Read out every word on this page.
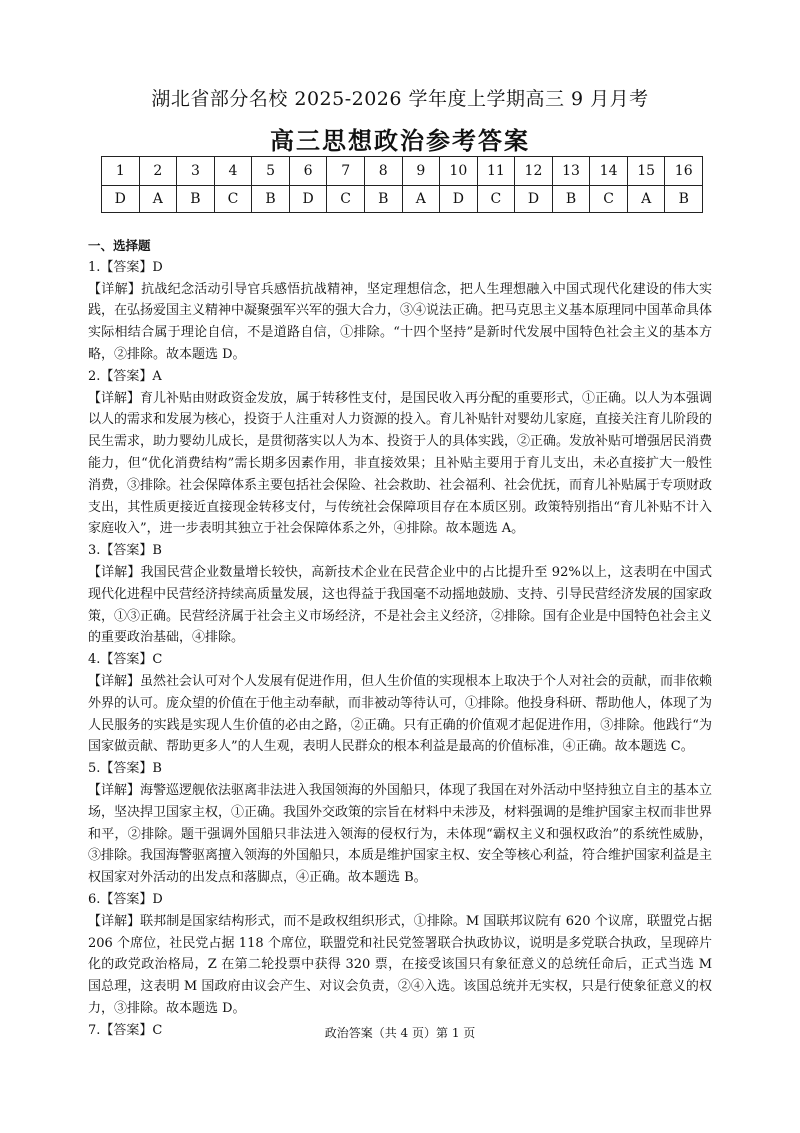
湖北省部分名校 2025-2026 学年度上学期高三 9 月月考
高三思想政治参考答案
1	2	3	4	5	6	7	8	9	10	11	12	13	14	15	16
D	A	B	C	B	D	C	B	A	D	C	D	B	C	A	B
一、选择题

1.【答案】D

【详解】抗战纪念活动引导官兵感悟抗战精神，坚定理想信念，把人生理想融入中国式现代化建设的伟大实践，在弘扬爱国主义精神中凝聚强军兴军的强大合力，③④说法正确。把马克思主义基本原理同中国革命具体实际相结合属于理论自信，不是道路自信，①排除。“十四个坚持”是新时代发展中国特色社会主义的基本方略，②排除。故本题选 D。

2.【答案】A

【详解】育儿补贴由财政资金发放，属于转移性支付，是国民收入再分配的重要形式，①正确。以人为本强调以人的需求和发展为核心，投资于人注重对人力资源的投入。育儿补贴针对婴幼儿家庭，直接关注育儿阶段的民生需求，助力婴幼儿成长，是贯彻落实以人为本、投资于人的具体实践，②正确。发放补贴可增强居民消费能力，但“优化消费结构”需长期多因素作用，非直接效果；且补贴主要用于育儿支出，未必直接扩大一般性消费，③排除。社会保障体系主要包括社会保险、社会救助、社会福利、社会优抚，而育儿补贴属于专项财政支出，其性质更接近直接现金转移支付，与传统社会保障项目存在本质区别。政策特别指出“育儿补贴不计入家庭收入”，进一步表明其独立于社会保障体系之外，④排除。故本题选 A。

3.【答案】B

【详解】我国民营企业数量增长较快，高新技术企业在民营企业中的占比提升至 92%以上，这表明在中国式现代化进程中民营经济持续高质量发展，这也得益于我国毫不动摇地鼓励、支持、引导民营经济发展的国家政策，①③正确。民营经济属于社会主义市场经济，不是社会主义经济，②排除。国有企业是中国特色社会主义的重要政治基础，④排除。

4.【答案】C

【详解】虽然社会认可对个人发展有促进作用，但人生价值的实现根本上取决于个人对社会的贡献，而非依赖外界的认可。庞众望的价值在于他主动奉献，而非被动等待认可，①排除。他投身科研、帮助他人，体现了为人民服务的实践是实现人生价值的必由之路，②正确。只有正确的价值观才起促进作用，③排除。他践行“为国家做贡献、帮助更多人”的人生观，表明人民群众的根本利益是最高的价值标准，④正确。故本题选 C。

5.【答案】B

【详解】海警巡逻舰依法驱离非法进入我国领海的外国船只，体现了我国在对外活动中坚持独立自主的基本立场，坚决捍卫国家主权，①正确。我国外交政策的宗旨在材料中未涉及，材料强调的是维护国家主权而非世界和平，②排除。题干强调外国船只非法进入领海的侵权行为，未体现“霸权主义和强权政治”的系统性威胁，③排除。我国海警驱离擅入领海的外国船只，本质是维护国家主权、安全等核心利益，符合维护国家利益是主权国家对外活动的出发点和落脚点，④正确。故本题选 B。

6.【答案】D

【详解】联邦制是国家结构形式，而不是政权组织形式，①排除。M 国联邦议院有 620 个议席，联盟党占据 206 个席位，社民党占据 118 个席位，联盟党和社民党签署联合执政协议，说明是多党联合执政，呈现碎片化的政党政治格局，Z 在第二轮投票中获得 320 票，在接受该国只有象征意义的总统任命后，正式当选 M 国总理，这表明 M 国政府由议会产生、对议会负责，②④入选。该国总统并无实权，只是行使象征意义的权力，③排除。故本题选 D。

7.【答案】C	政治答案（共 4 页）第 1 页
